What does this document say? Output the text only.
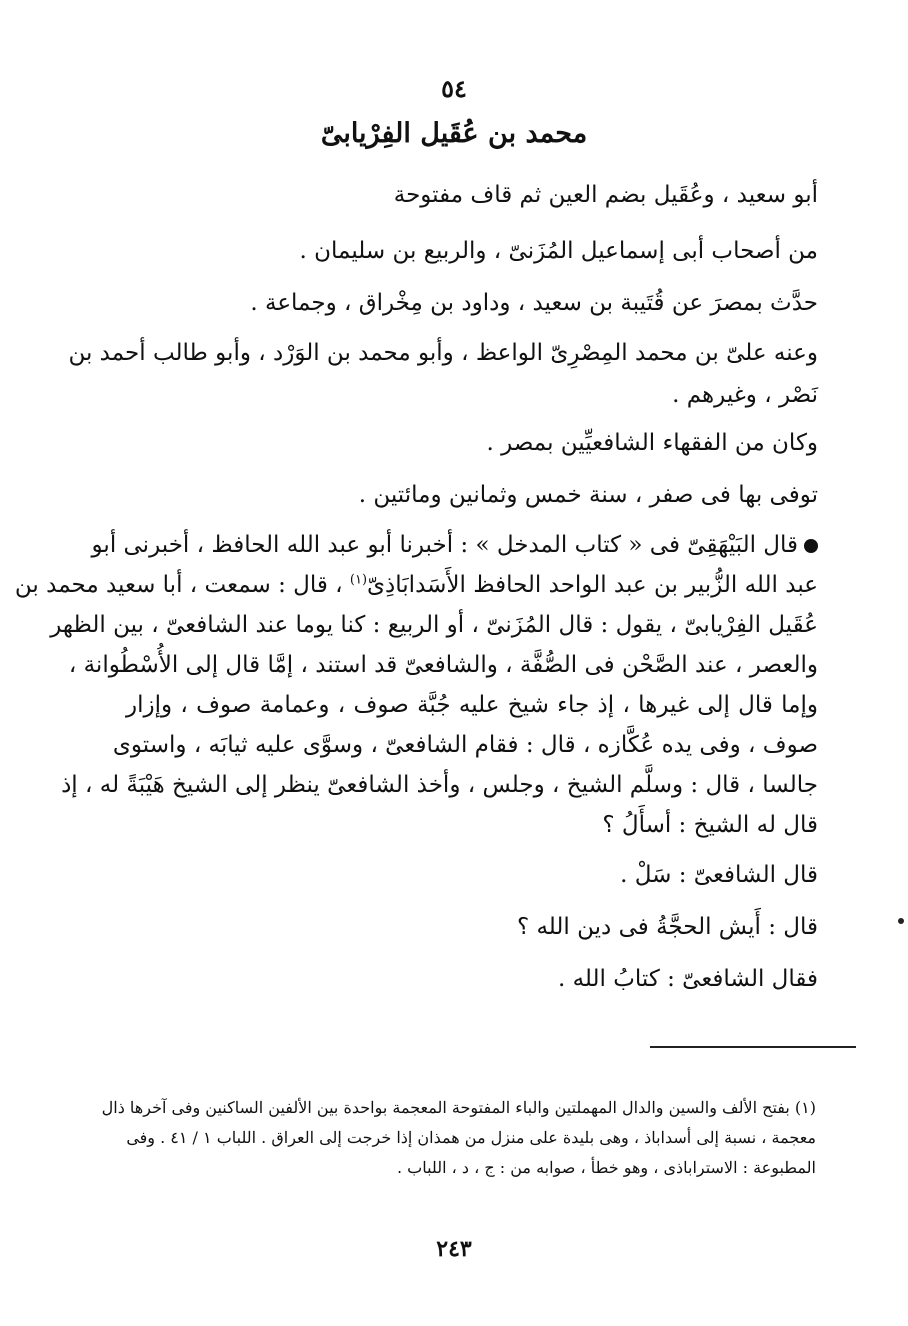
٥٤
محمد بن عُقَيل الفِرْيابىّ
أبو سعيد ، وعُقَيل بضم العين ثم قاف مفتوحة
من أصحاب أبى إسماعيل المُزَنىّ ، والربيع بن سليمان .
حدَّث بمصرَ عن قُتَيبة بن سعيد ، وداود بن مِخْراق ، وجماعة .
وعنه علىّ بن محمد المِصْرِىّ الواعظ ، وأبو محمد بن الوَرْد ، وأبو طالب أحمد بن
نَصْر ، وغيرهم .
وكان من الفقهاء الشافعيِّين بمصر .
توفى بها فى صفر ، سنة خمس وثمانين ومائتين .
قال البَيْهَقِىّ فى « كتاب المدخل » : أخبرنا أبو عبد الله الحافظ ، أخبرنى أبو
عبد الله الزُّبير بن عبد الواحد الحافظ الأَسَدابَاذِىّ$^{(١)}$ ، قال : سمعت ، أبا سعيد محمد بن
عُقَيل الفِرْيابىّ ، يقول : قال المُزَنىّ ، أو الربيع : كنا يوما عند الشافعىّ ، بين الظهر
والعصر ، عند الصَّحْن فى الصُّفَّة ، والشافعىّ قد استند ، إمَّا قال إلى الأُسْطُوانة ،
وإما قال إلى غيرها ، إذ جاء شيخ عليه جُبَّة صوف ، وعمامة صوف ، وإزار
صوف ، وفى يده عُكَّازه ، قال : فقام الشافعىّ ، وسوَّى عليه ثيابَه ، واستوى
جالسا ، قال : وسلَّم الشيخ ، وجلس ، وأخذ الشافعىّ ينظر إلى الشيخ هَيْبَةً له ، إذ
قال له الشيخ : أسأَلُ ؟
قال الشافعىّ : سَلْ .
قال : أَيش الحجَّةُ فى دين الله ؟
فقال الشافعىّ : كتابُ الله .
(١) بفتح الألف والسين والدال المهملتين والباء المفتوحة المعجمة بواحدة بين الألفين الساكنين وفى آخرها ذال
معجمة ، نسبة إلى أسداباذ ، وهى بليدة على منزل من همذان إذا خرجت إلى العراق . اللباب ١ / ٤١ . وفى
المطبوعة : الاستراباذى ، وهو خطأ ، صوابه من : ج ، د ، اللباب .
٢٤٣
